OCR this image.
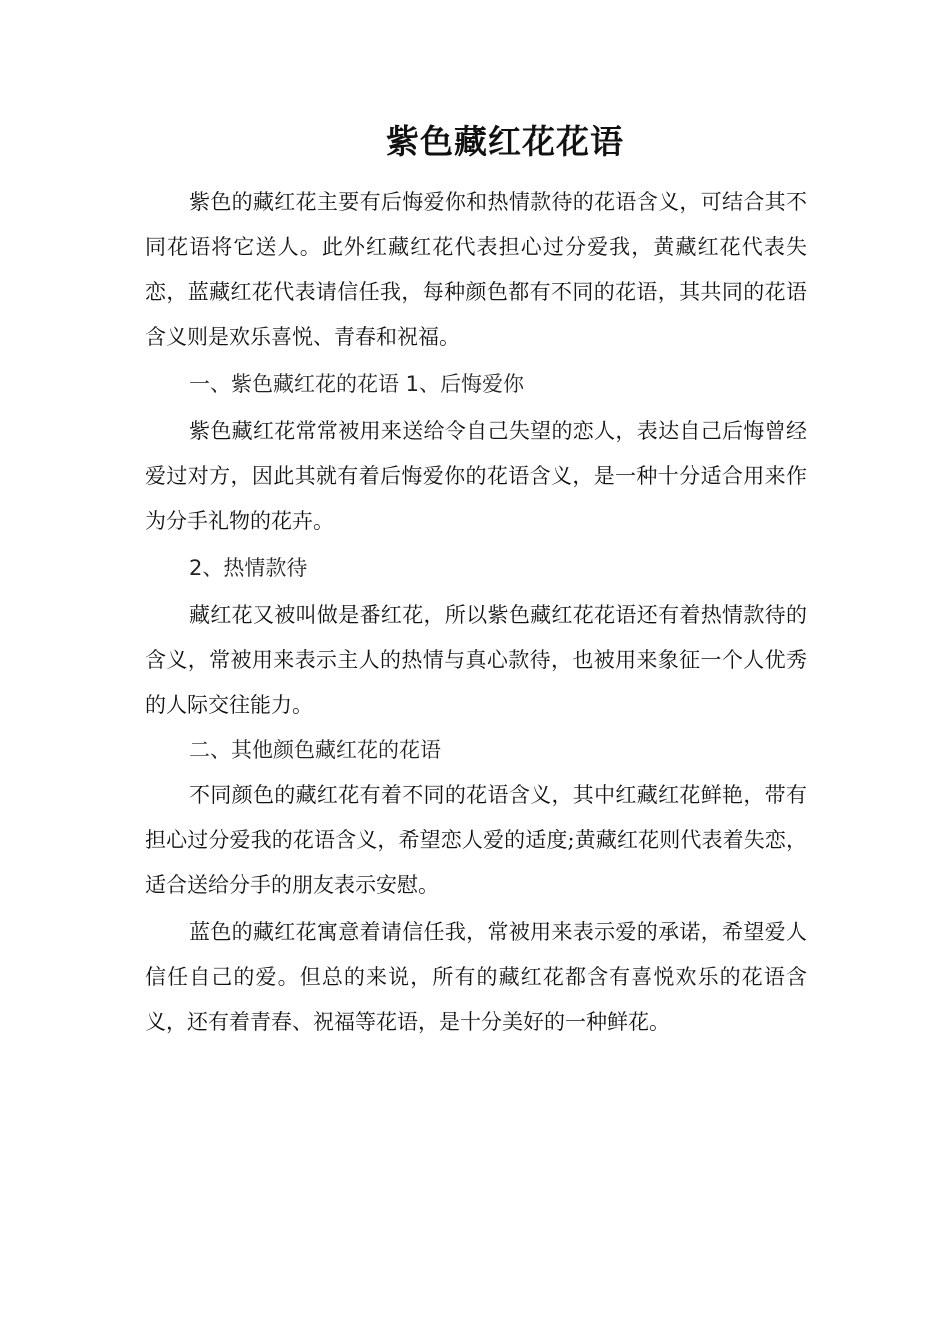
紫色藏红花花语

紫色的藏红花主要有后悔爱你和热情款待的花语含义，可结合其不同花语将它送人。此外红藏红花代表担心过分爱我，黄藏红花代表失恋，蓝藏红花代表请信任我，每种颜色都有不同的花语，其共同的花语含义则是欢乐喜悦、青春和祝福。

一、紫色藏红花的花语 1、后悔爱你

紫色藏红花常常被用来送给令自己失望的恋人，表达自己后悔曾经爱过对方，因此其就有着后悔爱你的花语含义，是一种十分适合用来作为分手礼物的花卉。

2、热情款待

藏红花又被叫做是番红花，所以紫色藏红花花语还有着热情款待的含义，常被用来表示主人的热情与真心款待，也被用来象征一个人优秀的人际交往能力。

二、其他颜色藏红花的花语

不同颜色的藏红花有着不同的花语含义，其中红藏红花鲜艳，带有担心过分爱我的花语含义，希望恋人爱的适度;黄藏红花则代表着失恋，适合送给分手的朋友表示安慰。

蓝色的藏红花寓意着请信任我，常被用来表示爱的承诺，希望爱人信任自己的爱。但总的来说，所有的藏红花都含有喜悦欢乐的花语含义，还有着青春、祝福等花语，是十分美好的一种鲜花。
